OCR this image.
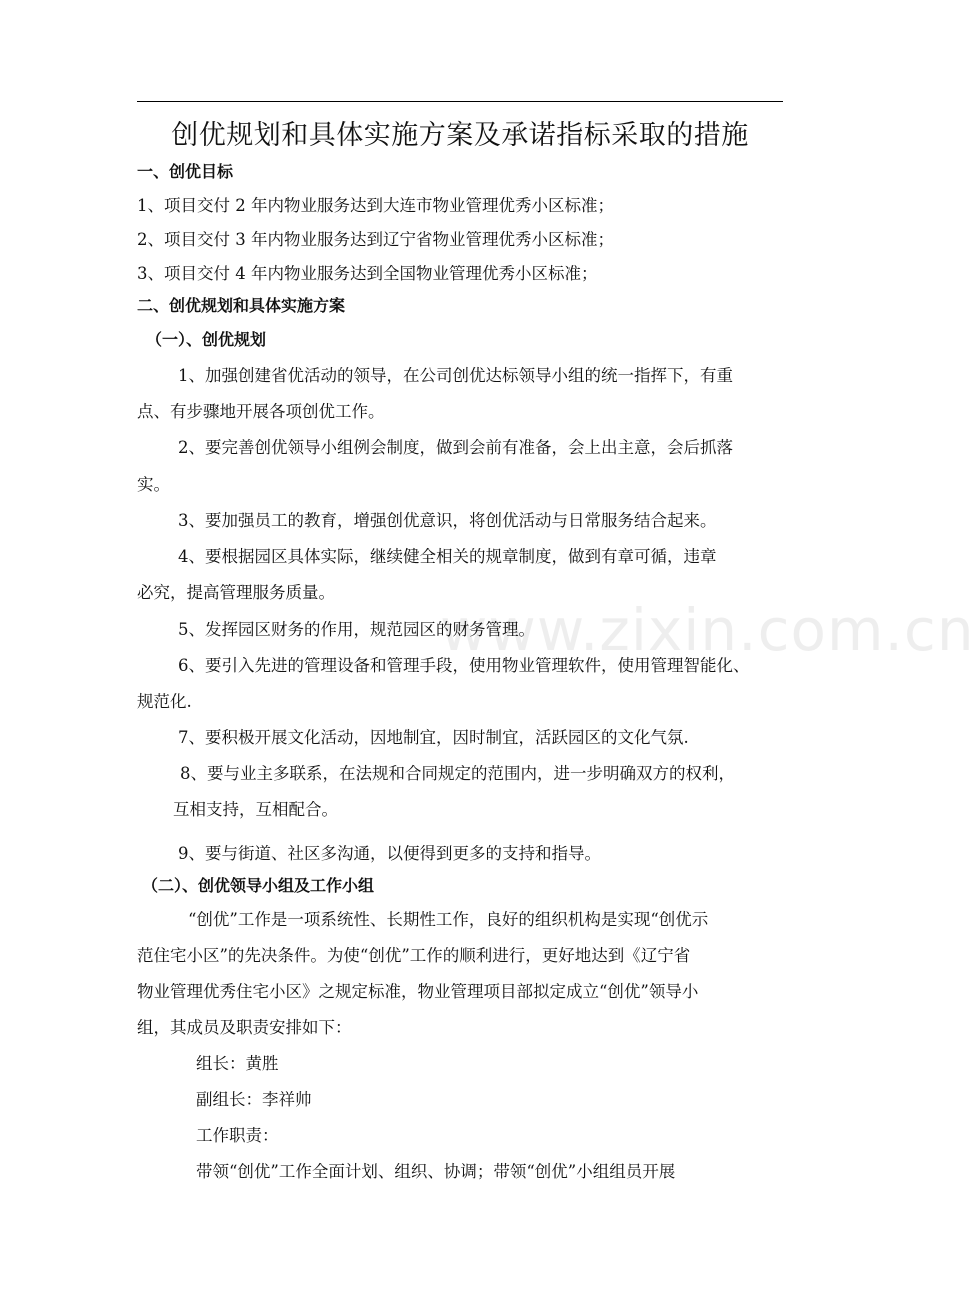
www.zixin.com.cn
创优规划和具体实施方案及承诺指标采取的措施
一、创优目标
1、项目交付 2 年内物业服务达到大连市物业管理优秀小区标准；
2、项目交付 3 年内物业服务达到辽宁省物业管理优秀小区标准；
3、项目交付 4 年内物业服务达到全国物业管理优秀小区标准；
二、创优规划和具体实施方案
（一）、创优规划
1、加强创建省优活动的领导，在公司创优达标领导小组的统一指挥下，有重
点、有步骤地开展各项创优工作。
2、要完善创优领导小组例会制度，做到会前有准备，会上出主意，会后抓落
实。
3、要加强员工的教育，增强创优意识，将创优活动与日常服务结合起来。
4、要根据园区具体实际，继续健全相关的规章制度，做到有章可循，违章
必究，提高管理服务质量。
5、发挥园区财务的作用，规范园区的财务管理。
6、要引入先进的管理设备和管理手段，使用物业管理软件，使用管理智能化、
规范化.
7、要积极开展文化活动，因地制宜，因时制宜，活跃园区的文化气氛.
8、要与业主多联系，在法规和合同规定的范围内，进一步明确双方的权利，
互相支持，互相配合。
9、要与街道、社区多沟通，以便得到更多的支持和指导。
（二）、创优领导小组及工作小组
“创优”工作是一项系统性、长期性工作，良好的组织机构是实现“创优示
范住宅小区”的先决条件。为使“创优”工作的顺利进行，更好地达到《辽宁省
物业管理优秀住宅小区》之规定标准，物业管理项目部拟定成立“创优”领导小
组，其成员及职责安排如下：
组长：黄胜
副组长：李祥帅
工作职责：
带领“创优”工作全面计划、组织、协调；带领“创优”小组组员开展
